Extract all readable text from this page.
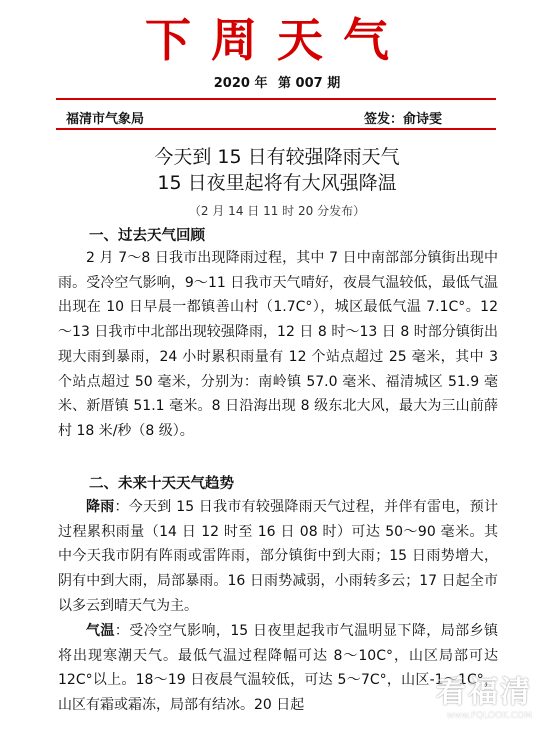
下周天气
2020 年 第 007 期
福清市气象局	签发：俞诗雯
今天到 15 日有较强降雨天气
15 日夜里起将有大风强降温
（2 月 14 日 11 时 20 分发布）
一、过去天气回顾
2 月 7～8 日我市出现降雨过程，其中 7 日中南部部分镇街出现中雨。受冷空气影响，9～11 日我市天气晴好，夜晨气温较低，最低气温出现在 10 日早晨一都镇善山村（1.7C°），城区最低气温 7.1C°。12～13 日我市中北部出现较强降雨，12 日 8 时～13 日 8 时部分镇街出现大雨到暴雨，24 小时累积雨量有 12 个站点超过 25 毫米，其中 3 个站点超过 50 毫米，分别为：南岭镇 57.0 毫米、福清城区 51.9 毫米、新厝镇 51.1 毫米。8 日沿海出现 8 级东北大风，最大为三山前薛村 18 米/秒（8 级）。
二、未来十天天气趋势
降雨：今天到 15 日我市有较强降雨天气过程，并伴有雷电，预计过程累积雨量（14 日 12 时至 16 日 08 时）可达 50～90 毫米。其中今天我市阴有阵雨或雷阵雨，部分镇街中到大雨；15 日雨势增大，阴有中到大雨，局部暴雨。16 日雨势减弱，小雨转多云；17 日起全市以多云到晴天气为主。
气温：受冷空气影响，15 日夜里起我市气温明显下降，局部乡镇将出现寒潮天气。最低气温过程降幅可达 8～10C°，山区局部可达 12C°以上。18～19 日夜晨气温较低，可达 5～7C°，山区-1～1C°，山区有霜或霜冻，局部有结冰。20 日起	看福清
www.FQLOOK.COM
